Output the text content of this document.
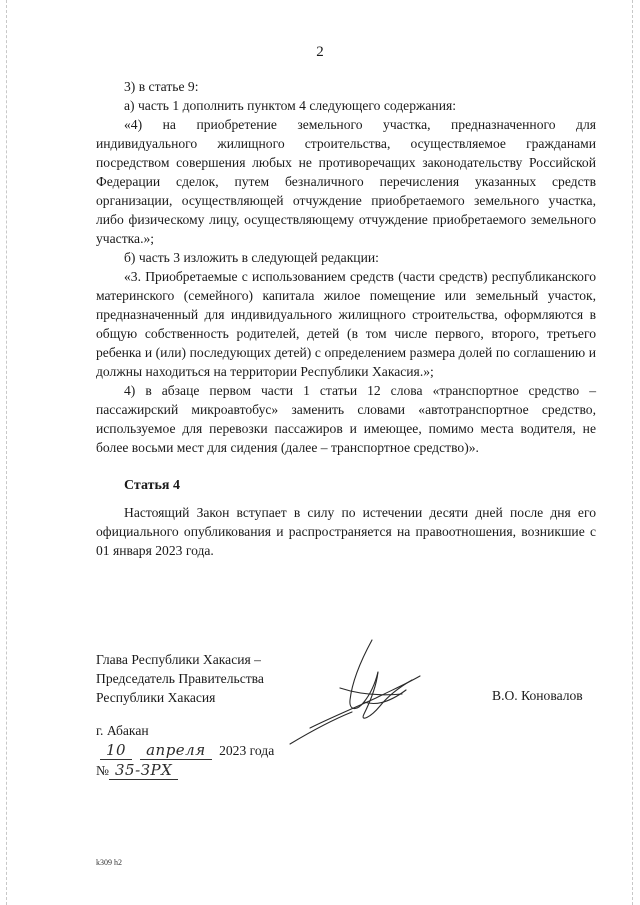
2

3) в статье 9:

а) часть 1 дополнить пунктом 4 следующего содержания:

«4) на приобретение земельного участка, предназначенного для индивидуального жилищного строительства, осуществляемое гражданами посредством совершения любых не противоречащих законодательству Российской Федерации сделок, путем безналичного перечисления указанных средств организации, осуществляющей отчуждение приобретаемого земельного участка, либо физическому лицу, осуществляющему отчуждение приобретаемого земельного участка.»;

б) часть 3 изложить в следующей редакции:

«3. Приобретаемые с использованием средств (части средств) республиканского материнского (семейного) капитала жилое помещение или земельный участок, предназначенный для индивидуального жилищного строительства, оформляются в общую собственность родителей, детей (в том числе первого, второго, третьего ребенка и (или) последующих детей) с определением размера долей по соглашению и должны находиться на территории Республики Хакасия.»;

4) в абзаце первом части 1 статьи 12 слова «транспортное средство – пассажирский микроавтобус» заменить словами «автотранспортное средство, используемое для перевозки пассажиров и имеющее, помимо места водителя, не более восьми мест для сидения (далее – транспортное средство)».

Статья 4

Настоящий Закон вступает в силу по истечении десяти дней после дня его официального опубликования и распространяется на правоотношения, возникшие с 01 января 2023 года.

Глава Республики Хакасия –
Председатель Правительства
Республики Хакасия	В.О. Коновалов
г. Абакан
10 апреля 2023 года
№ 35-ЗРХ
k309 h2
